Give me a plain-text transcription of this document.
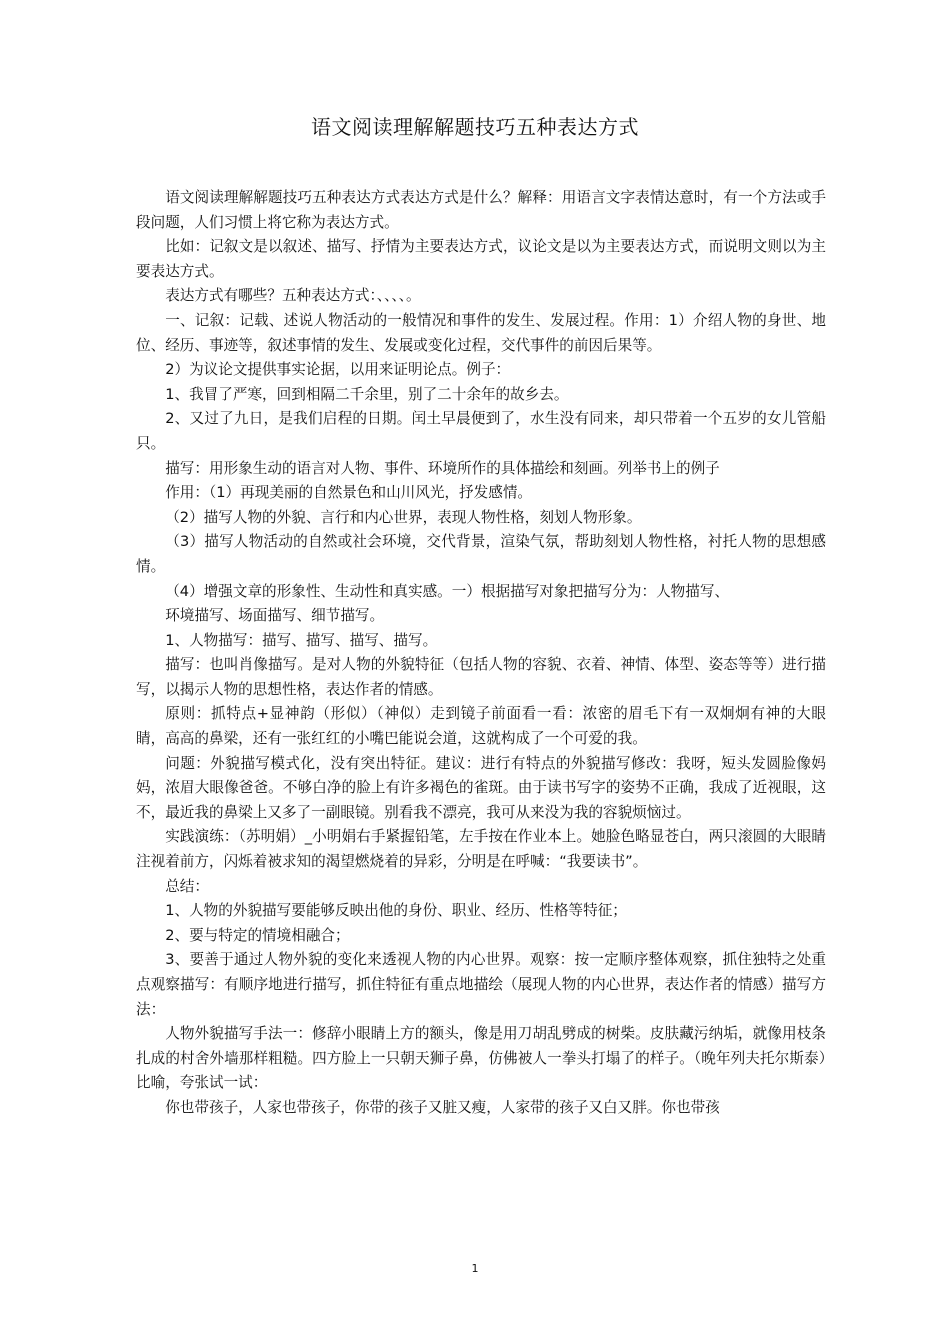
语文阅读理解解题技巧五种表达方式

语文阅读理解解题技巧五种表达方式表达方式是什么？解释：用语言文字表情达意时，有一个方法或手段问题，人们习惯上将它称为表达方式。

比如：记叙文是以叙述、描写、抒情为主要表达方式，议论文是以为主要表达方式，而说明文则以为主要表达方式。

表达方式有哪些？五种表达方式：、、、、。

一、记叙：记载、述说人物活动的一般情况和事件的发生、发展过程。作用：1）介绍人物的身世、地位、经历、事迹等，叙述事情的发生、发展或变化过程，交代事件的前因后果等。

2）为议论文提供事实论据，以用来证明论点。例子：

1、我冒了严寒，回到相隔二千余里，别了二十余年的故乡去。

2、又过了九日，是我们启程的日期。闰土早晨便到了，水生没有同来，却只带着一个五岁的女儿管船只。

描写：用形象生动的语言对人物、事件、环境所作的具体描绘和刻画。列举书上的例子

作用：（1）再现美丽的自然景色和山川风光，抒发感情。

（2）描写人物的外貌、言行和内心世界，表现人物性格，刻划人物形象。

（3）描写人物活动的自然或社会环境，交代背景，渲染气氛，帮助刻划人物性格，衬托人物的思想感情。

（4）增强文章的形象性、生动性和真实感。一）根据描写对象把描写分为：人物描写、

环境描写、场面描写、细节描写。

1、人物描写：描写、描写、描写、描写。

描写：也叫肖像描写。是对人物的外貌特征（包括人物的容貌、衣着、神情、体型、姿态等等）进行描写，以揭示人物的思想性格，表达作者的情感。

原则：抓特点+显神韵（形似）（神似）走到镜子前面看一看：浓密的眉毛下有一双炯炯有神的大眼睛，高高的鼻梁，还有一张红红的小嘴巴能说会道，这就构成了一个可爱的我。

问题：外貌描写模式化，没有突出特征。建议：进行有特点的外貌描写修改：我呀，短头发圆脸像妈妈，浓眉大眼像爸爸。不够白净的脸上有许多褐色的雀斑。由于读书写字的姿势不正确，我成了近视眼，这不，最近我的鼻梁上又多了一副眼镜。别看我不漂亮，我可从来没为我的容貌烦恼过。

实践演练：（苏明娟）_小明娟右手紧握铅笔，左手按在作业本上。她脸色略显苍白，两只滚圆的大眼睛注视着前方，闪烁着被求知的渴望燃烧着的异彩，分明是在呼喊：“我要读书”。

总结：

1、人物的外貌描写要能够反映出他的身份、职业、经历、性格等特征；

2、要与特定的情境相融合；

3、要善于通过人物外貌的变化来透视人物的内心世界。观察：按一定顺序整体观察，抓住独特之处重点观察描写：有顺序地进行描写，抓住特征有重点地描绘（展现人物的内心世界，表达作者的情感）描写方法：

人物外貌描写手法一：修辞小眼睛上方的额头，像是用刀胡乱劈成的树柴。皮肤藏污纳垢，就像用枝条扎成的村舍外墙那样粗糙。四方脸上一只朝天狮子鼻，仿佛被人一拳头打塌了的样子。（晚年列夫托尔斯泰）比喻，夸张试一试：

你也带孩子，人家也带孩子，你带的孩子又脏又瘦，人家带的孩子又白又胖。你也带孩

1
